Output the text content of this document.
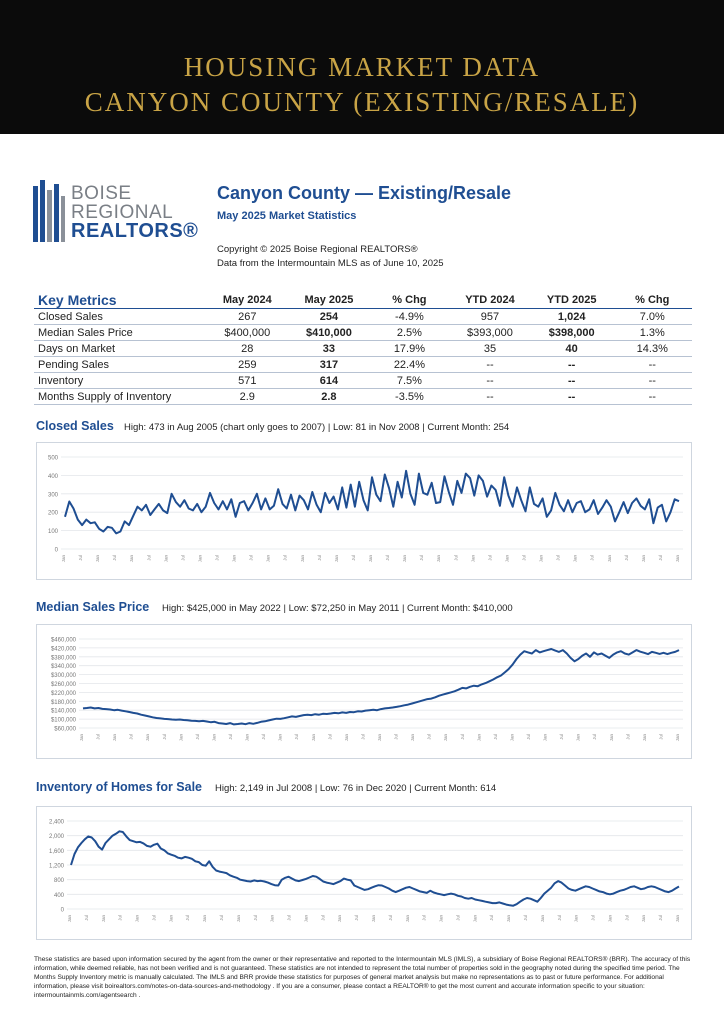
HOUSING MARKET DATA
CANYON COUNTY (EXISTING/RESALE)
BOISE
REGIONAL
REALTORS®
Canyon County — Existing/Resale
May 2025 Market Statistics
Copyright © 2025 Boise Regional REALTORS®
Data from the Intermountain MLS as of June 10, 2025
Key Metrics	May 2024	May 2025	% Chg	YTD 2024	YTD 2025	% Chg
Closed Sales	267	254	-4.9%	957	1,024	7.0%
Median Sales Price	$400,000	$410,000	2.5%	$393,000	$398,000	1.3%
Days on Market	28	33	17.9%	35	40	14.3%
Pending Sales	259	317	22.4%	--	--	--
Inventory	571	614	7.5%	--	--	--
Months Supply of Inventory	2.9	2.8	-3.5%	--	--	--
Closed Sales High: 473 in Aug 2005 (chart only goes to 2007) | Low: 81 in Nov 2008 | Current Month: 254
0
100
200
300
400
500
Jan	Jul	Jan	Jul	Jan	Jul	Jan	Jul	Jan	Jul	Jan	Jul	Jan	Jul	Jan	Jul	Jan	Jul	Jan	Jul	Jan	Jul	Jan	Jul	Jan	Jul	Jan	Jul	Jan	Jul	Jan	Jul	Jan	Jul	Jan	Jul	Jan
Median Sales Price High: $425,000 in May 2022 | Low: $72,250 in May 2011 | Current Month: $410,000
$60,000
$100,000
$140,000
$180,000
$220,000
$260,000
$300,000
$340,000
$380,000
$420,000
$460,000
Jan	Jul	Jan	Jul	Jan	Jul	Jan	Jul	Jan	Jul	Jan	Jul	Jan	Jul	Jan	Jul	Jan	Jul	Jan	Jul	Jan	Jul	Jan	Jul	Jan	Jul	Jan	Jul	Jan	Jul	Jan	Jul	Jan	Jul	Jan	Jul	Jan
Inventory of Homes for Sale High: 2,149 in Jul 2008 | Low: 76 in Dec 2020 | Current Month: 614
0
400
800
1,200
1,600
2,000
2,400
Jan	Jul	Jan	Jul	Jan	Jul	Jan	Jul	Jan	Jul	Jan	Jul	Jan	Jul	Jan	Jul	Jan	Jul	Jan	Jul	Jan	Jul	Jan	Jul	Jan	Jul	Jan	Jul	Jan	Jul	Jan	Jul	Jan	Jul	Jan	Jul	Jan
These statistics are based upon information secured by the agent from the owner or their representative and reported to the Intermountain MLS (IMLS), a subsidiary of Boise Regional REALTORS® (BRR). The accuracy of this information, while deemed reliable, has not been verified and is not guaranteed. These statistics are not intended to represent the total number of properties sold in the geography noted during the specified time period. The Months Supply Inventory metric is manually calculated. The IMLS and BRR provide these statistics for purposes of general market analysis but make no representations as to past or future performance. For additional information, please visit boirealtors.com/notes-on-data-sources-and-methodology . If you are a consumer, please contact a REALTOR® to get the most current and accurate information specific to your situation: intermountainmls.com/agentsearch .
